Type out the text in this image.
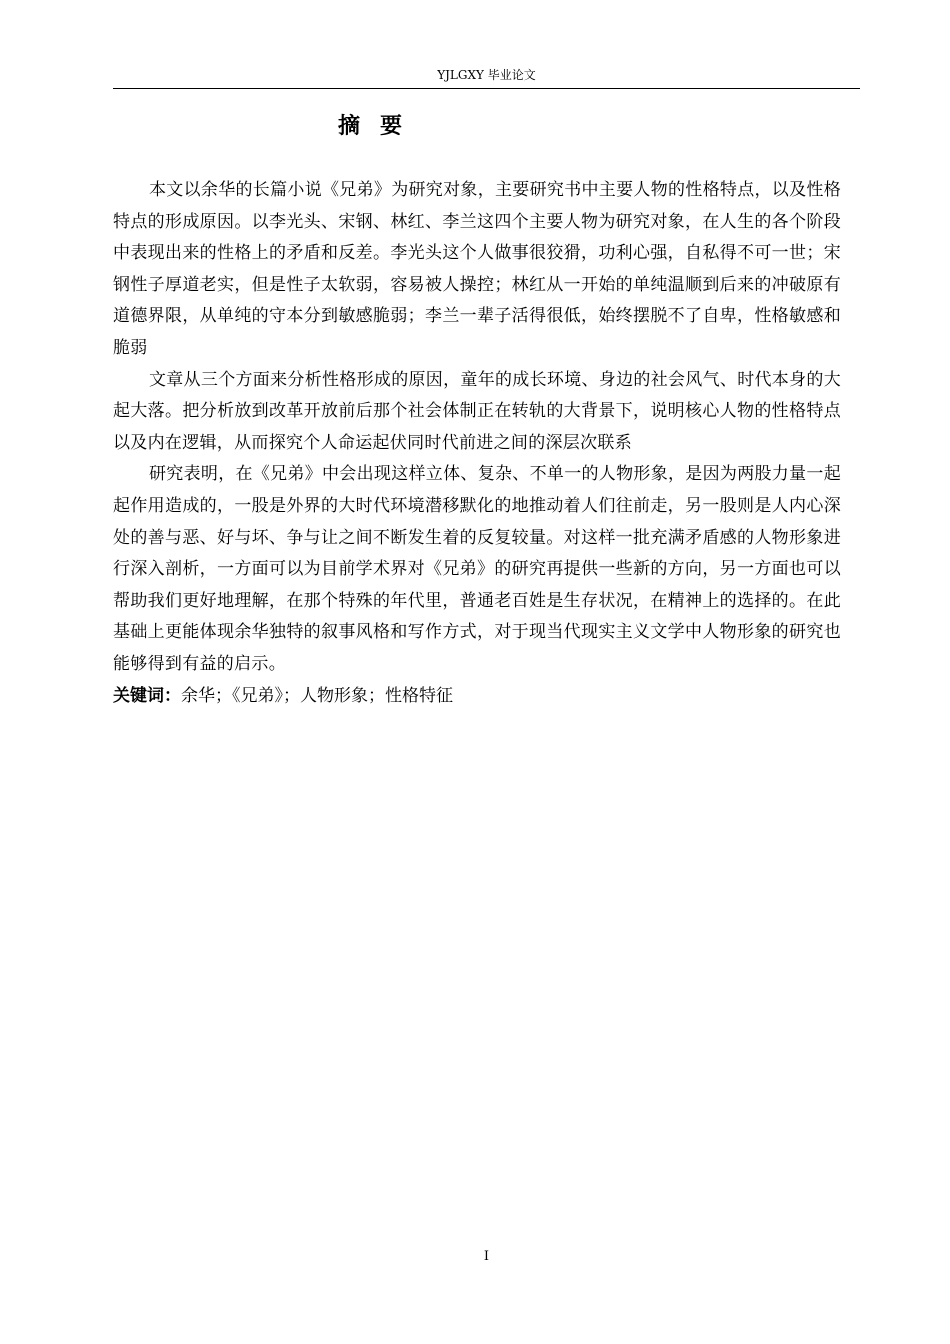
YJLGXY 毕业论文
摘要

本文以余华的长篇小说《兄弟》为研究对象，主要研究书中主要人物的性格特点，以及性格特点的形成原因。以李光头、宋钢、林红、李兰这四个主要人物为研究对象，在人生的各个阶段中表现出来的性格上的矛盾和反差。李光头这个人做事很狡猾，功利心强，自私得不可一世；宋钢性子厚道老实，但是性子太软弱，容易被人操控；林红从一开始的单纯温顺到后来的冲破原有道德界限，从单纯的守本分到敏感脆弱；李兰一辈子活得很低，始终摆脱不了自卑，性格敏感和脆弱

文章从三个方面来分析性格形成的原因，童年的成长环境、身边的社会风气、时代本身的大起大落。把分析放到改革开放前后那个社会体制正在转轨的大背景下，说明核心人物的性格特点以及内在逻辑，从而探究个人命运起伏同时代前进之间的深层次联系

研究表明，在《兄弟》中会出现这样立体、复杂、不单一的人物形象，是因为两股力量一起起作用造成的，一股是外界的大时代环境潜移默化的地推动着人们往前走，另一股则是人内心深处的善与恶、好与坏、争与让之间不断发生着的反复较量。对这样一批充满矛盾感的人物形象进行深入剖析，一方面可以为目前学术界对《兄弟》的研究再提供一些新的方向，另一方面也可以帮助我们更好地理解，在那个特殊的年代里，普通老百姓是生存状况，在精神上的选择的。在此基础上更能体现余华独特的叙事风格和写作方式，对于现当代现实主义文学中人物形象的研究也能够得到有益的启示。

关键词：余华；《兄弟》；人物形象；性格特征

I
